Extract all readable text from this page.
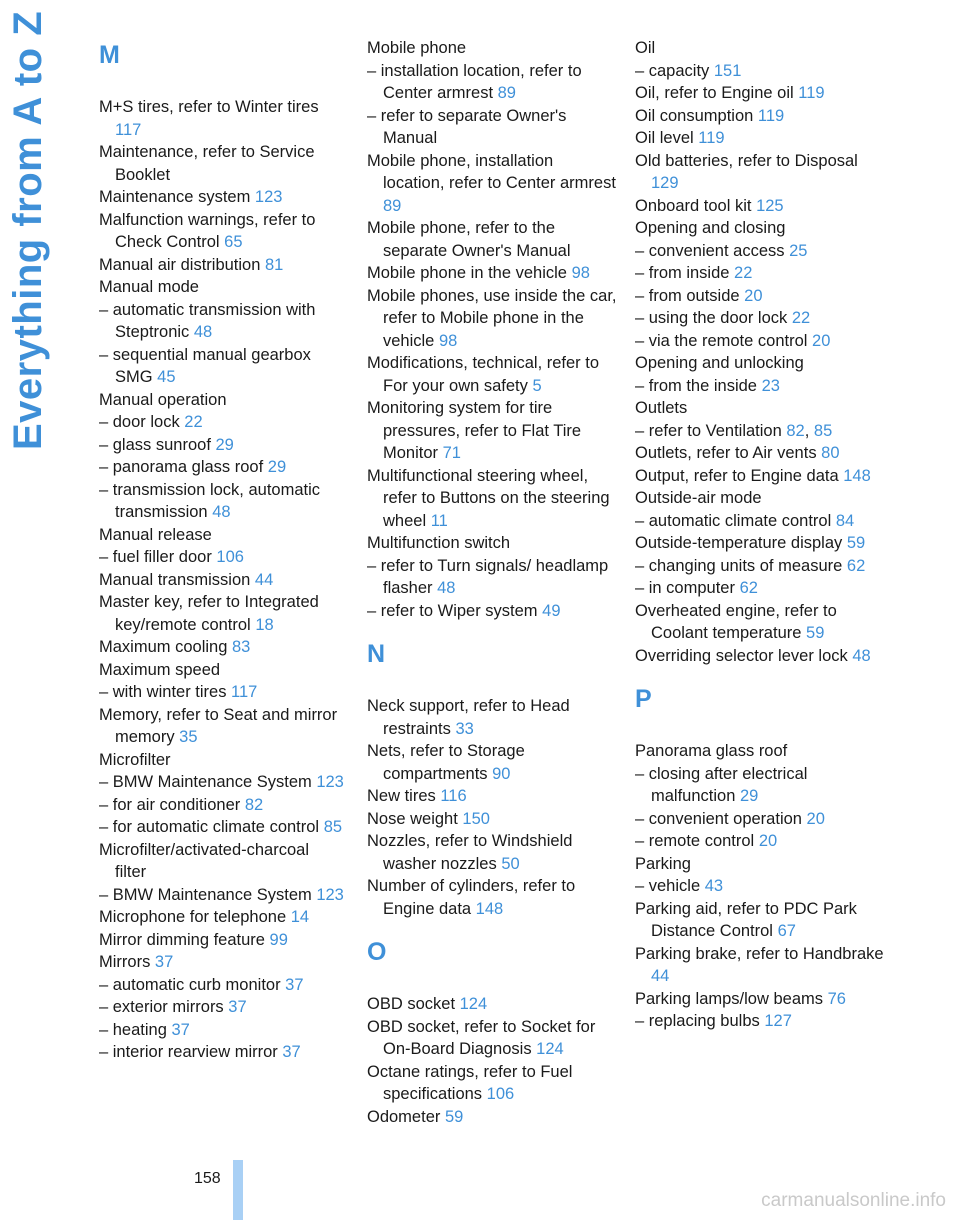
Everything from A to Z M
M+S tires, refer to Winter tires 117
Maintenance, refer to Service Booklet
Maintenance system 123
Malfunction warnings, refer to Check Control 65
Manual air distribution 81
Manual mode
– automatic transmission with Steptronic 48
– sequential manual gearbox SMG 45
Manual operation
– door lock 22
– glass sunroof 29
– panorama glass roof 29
– transmission lock, automatic transmission 48
Manual release
– fuel filler door 106
Manual transmission 44
Master key, refer to Integrated key/remote control 18
Maximum cooling 83
Maximum speed
– with winter tires 117
Memory, refer to Seat and mirror memory 35
Microfilter
– BMW Maintenance System 123
– for air conditioner 82
– for automatic climate control 85
Microfilter/activated-charcoal filter
– BMW Maintenance System 123
Microphone for telephone 14
Mirror dimming feature 99
Mirrors 37
– automatic curb monitor 37
– exterior mirrors 37
– heating 37
– interior rearview mirror 37
Mobile phone
– installation location, refer to Center armrest 89
– refer to separate Owner's Manual
Mobile phone, installation location, refer to Center armrest 89
Mobile phone, refer to the separate Owner's Manual
Mobile phone in the vehicle 98
Mobile phones, use inside the car, refer to Mobile phone in the vehicle 98
Modifications, technical, refer to For your own safety 5
Monitoring system for tire pressures, refer to Flat Tire Monitor 71
Multifunctional steering wheel, refer to Buttons on the steering wheel 11
Multifunction switch
– refer to Turn signals/ headlamp flasher 48
– refer to Wiper system 49
N
Neck support, refer to Head restraints 33
Nets, refer to Storage compartments 90
New tires 116
Nose weight 150
Nozzles, refer to Windshield washer nozzles 50
Number of cylinders, refer to Engine data 148
O
OBD socket 124
OBD socket, refer to Socket for On-Board Diagnosis 124
Octane ratings, refer to Fuel specifications 106
Odometer 59
Oil
– capacity 151
Oil, refer to Engine oil 119
Oil consumption 119
Oil level 119
Old batteries, refer to Disposal 129
Onboard tool kit 125
Opening and closing
– convenient access 25
– from inside 22
– from outside 20
– using the door lock 22
– via the remote control 20
Opening and unlocking
– from the inside 23
Outlets
– refer to Ventilation 82, 85
Outlets, refer to Air vents 80
Output, refer to Engine data 148
Outside-air mode
– automatic climate control 84
Outside-temperature display 59
– changing units of measure 62
– in computer 62
Overheated engine, refer to Coolant temperature 59
Overriding selector lever lock 48
P
Panorama glass roof
– closing after electrical malfunction 29
– convenient operation 20
– remote control 20
Parking
– vehicle 43
Parking aid, refer to PDC Park Distance Control 67
Parking brake, refer to Handbrake 44
Parking lamps/low beams 76
– replacing bulbs 127
158
carmanualsonline.info
